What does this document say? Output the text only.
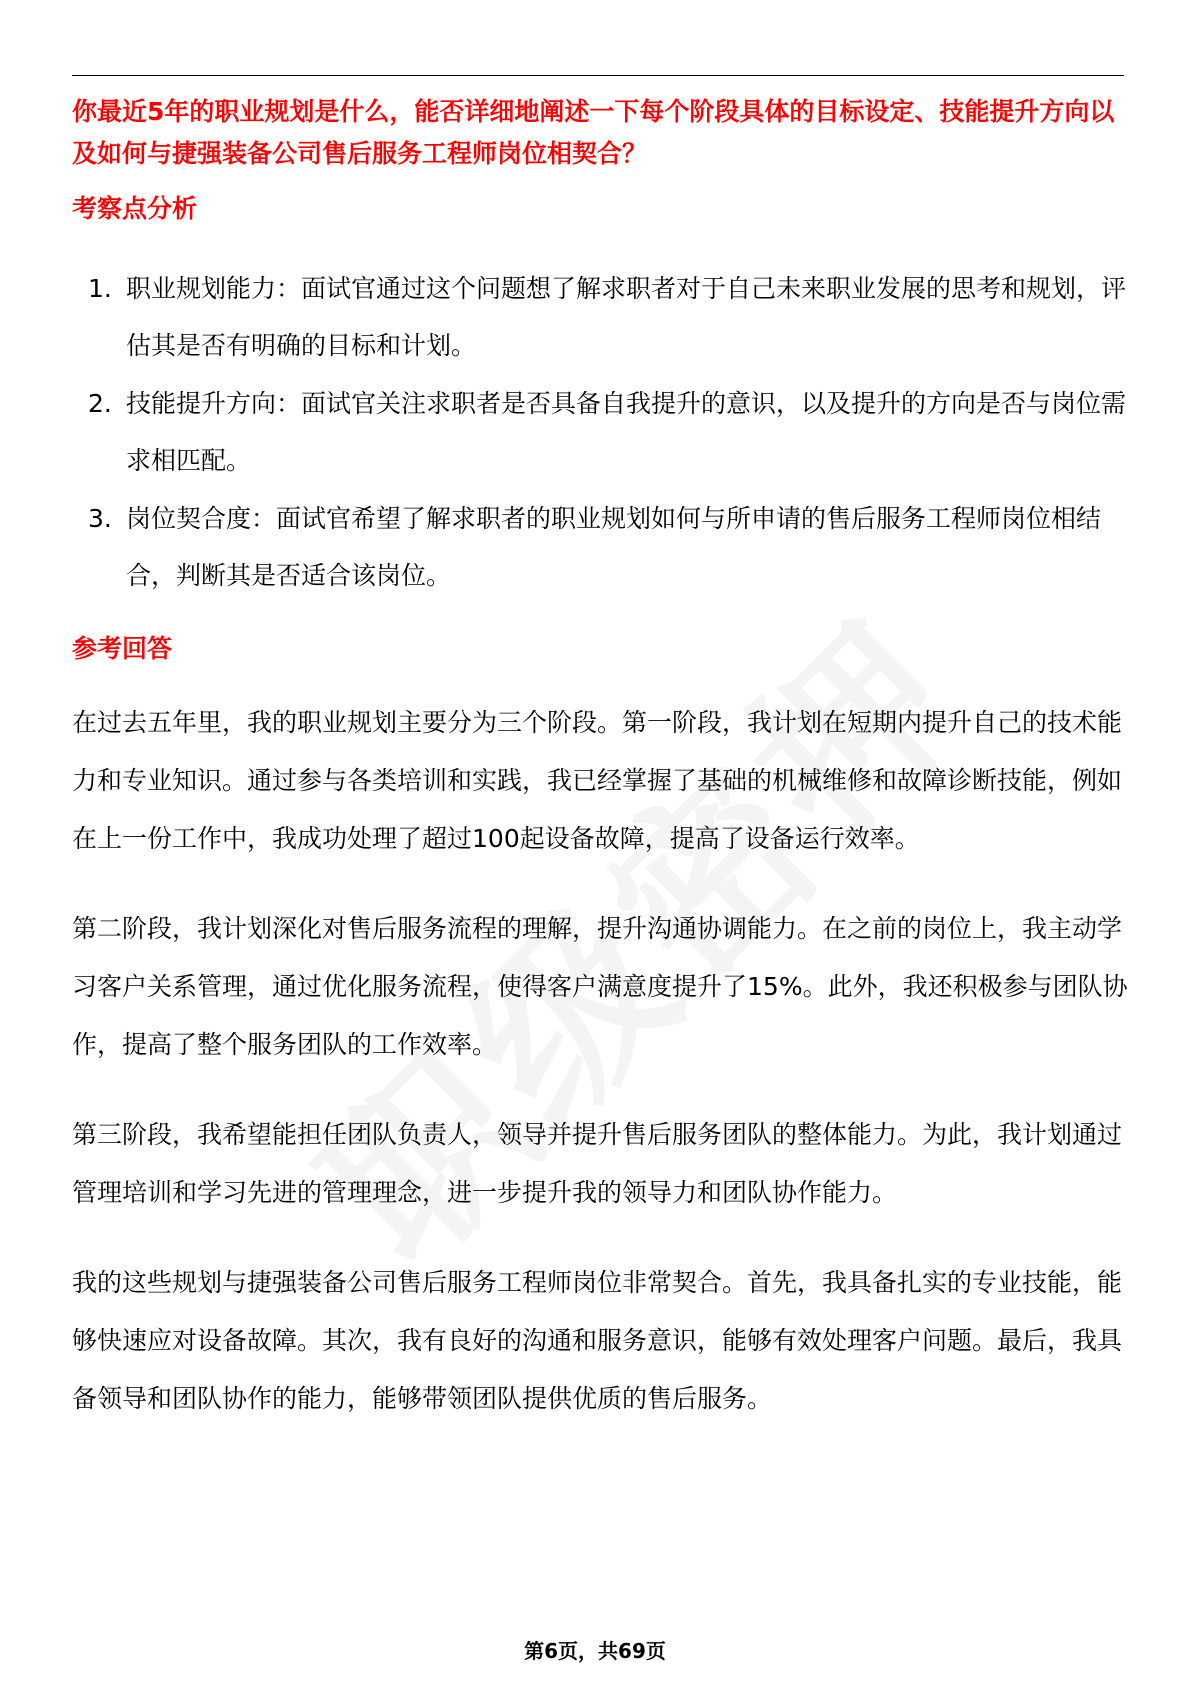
你最近5年的职业规划是什么，能否详细地阐述一下每个阶段具体的目标设定、技能提升方向以及如何与捷强装备公司售后服务工程师岗位相契合？
考察点分析
1. 职业规划能力：面试官通过这个问题想了解求职者对于自己未来职业发展的思考和规划，评估其是否有明确的目标和计划。
2. 技能提升方向：面试官关注求职者是否具备自我提升的意识，以及提升的方向是否与岗位需求相匹配。
3. 岗位契合度：面试官希望了解求职者的职业规划如何与所申请的售后服务工程师岗位相结合，判断其是否适合该岗位。
参考回答

在过去五年里，我的职业规划主要分为三个阶段。第一阶段，我计划在短期内提升自己的技术能力和专业知识。通过参与各类培训和实践，我已经掌握了基础的机械维修和故障诊断技能，例如在上一份工作中，我成功处理了超过100起设备故障，提高了设备运行效率。

第二阶段，我计划深化对售后服务流程的理解，提升沟通协调能力。在之前的岗位上，我主动学习客户关系管理，通过优化服务流程，使得客户满意度提升了15%。此外，我还积极参与团队协作，提高了整个服务团队的工作效率。

第三阶段，我希望能担任团队负责人，领导并提升售后服务团队的整体能力。为此，我计划通过管理培训和学习先进的管理理念，进一步提升我的领导力和团队协作能力。

我的这些规划与捷强装备公司售后服务工程师岗位非常契合。首先，我具备扎实的专业技能，能够快速应对设备故障。其次，我有良好的沟通和服务意识，能够有效处理客户问题。最后，我具备领导和团队协作的能力，能够带领团队提供优质的售后服务。

第6页，共69页
